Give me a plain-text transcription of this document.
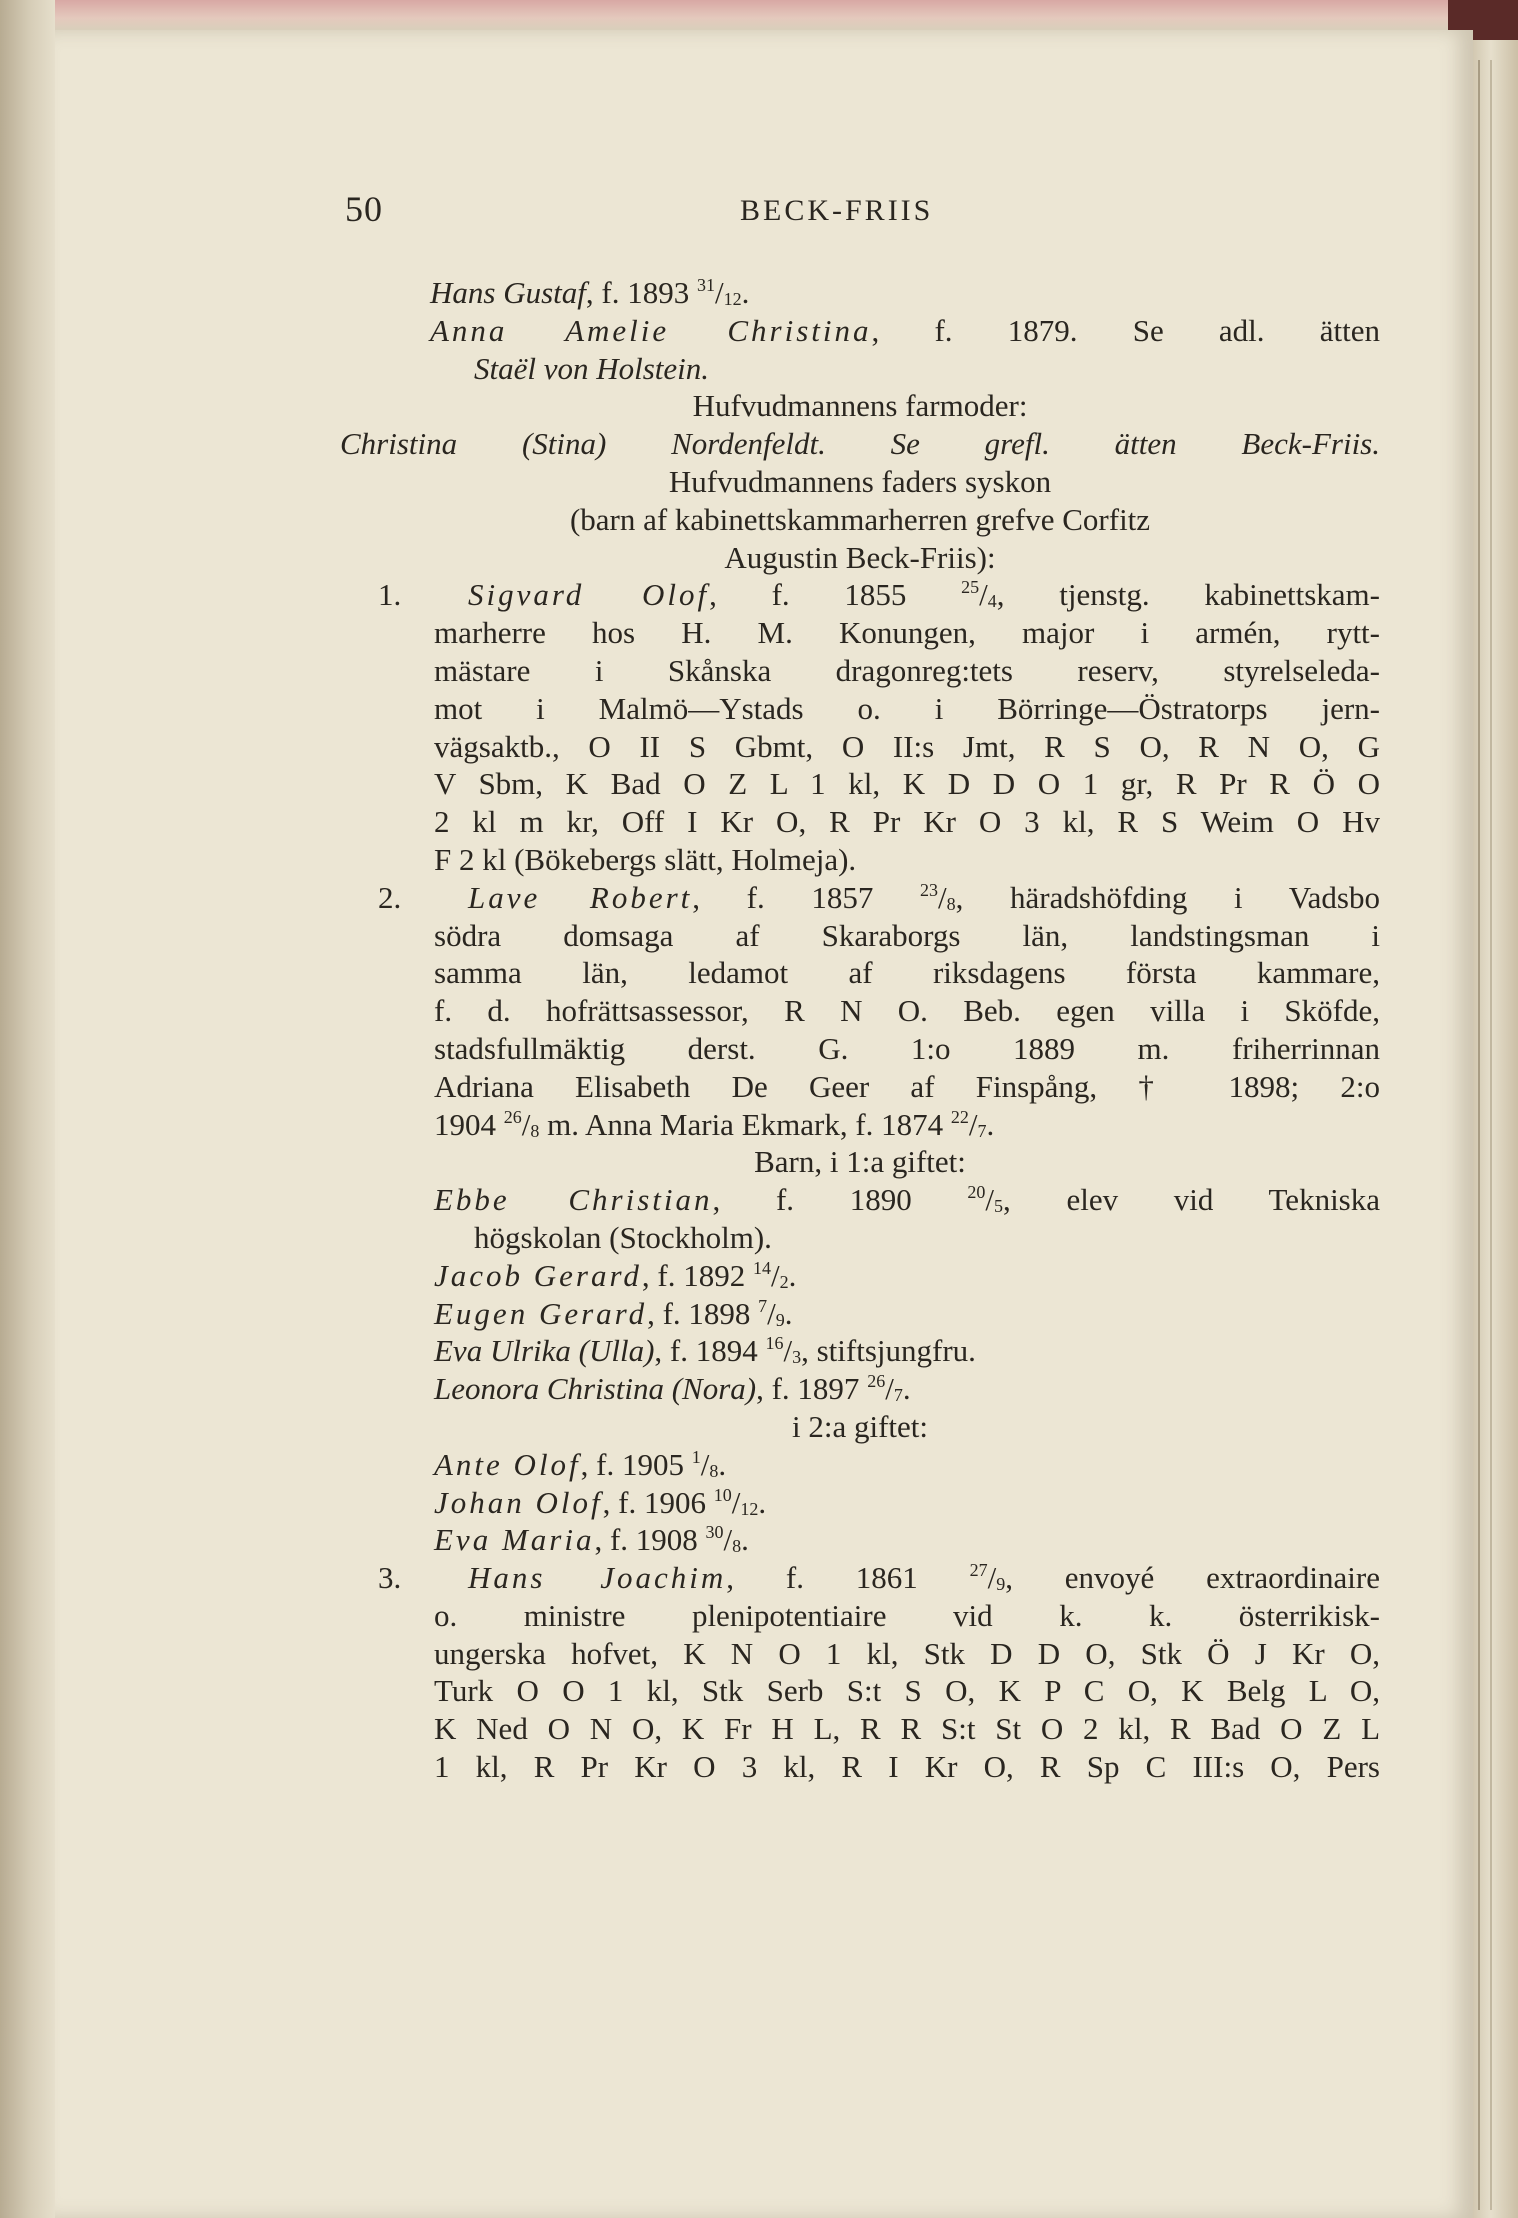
50	BECK-FRIIS
Hans Gustaf, f. 1893 $^{31}/_{12}$.
Anna Amelie Christina, f. 1879. Se adl. ätten
Staël von Holstein.
Hufvudmannens farmoder:
Christina (Stina) Nordenfeldt. Se grefl. ätten Beck-Friis.
Hufvudmannens faders syskon
(barn af kabinettskammarherren grefve Corfitz
Augustin Beck-Friis):
1. Sigvard Olof, f. 1855 $^{25}/_4$, tjenstg. kabinettskam-
marherre hos H. M. Konungen, major i armén, rytt-
mästare i Skånska dragonreg:tets reserv, styrelseleda-
mot i Malmö—Ystads o. i Börringe—Östratorps jern-
vägsaktb., O II S Gbmt, O II:s Jmt, R S O, R N O, G
V Sbm, K Bad O Z L 1 kl, K D D O 1 gr, R Pr R Ö O
2 kl m kr, Off I Kr O, R Pr Kr O 3 kl, R S Weim O Hv
F 2 kl (Bökebergs slätt, Holmeja).
2. Lave Robert, f. 1857 $^{23}/_8$, häradshöfding i Vadsbo
södra domsaga af Skaraborgs län, landstingsman i
samma län, ledamot af riksdagens första kammare,
f. d. hofrättsassessor, R N O. Beb. egen villa i Sköfde,
stadsfullmäktig derst. G. 1:o 1889 m. friherrinnan
Adriana Elisabeth De Geer af Finspång, † 1898; 2:o
1904 $^{26}/_8$ m. Anna Maria Ekmark, f. 1874 $^{22}/_7$.
Barn, i 1:a giftet:
Ebbe Christian, f. 1890 $^{20}/_5$, elev vid Tekniska
högskolan (Stockholm).
Jacob Gerard, f. 1892 $^{14}/_2$.
Eugen Gerard, f. 1898 $^7/_9$.
Eva Ulrika (Ulla), f. 1894 $^{16}/_3$, stiftsjungfru.
Leonora Christina (Nora), f. 1897 $^{26}/_7$.
i 2:a giftet:
Ante Olof, f. 1905 $^1/_8$.
Johan Olof, f. 1906 $^{10}/_{12}$.
Eva Maria, f. 1908 $^{30}/_8$.
3. Hans Joachim, f. 1861 $^{27}/_9$, envoyé extraordinaire
o. ministre plenipotentiaire vid k. k. österrikisk-
ungerska hofvet, K N O 1 kl, Stk D D O, Stk Ö J Kr O,
Turk O O 1 kl, Stk Serb S:t S O, K P C O, K Belg L O,
K Ned O N O, K Fr H L, R R S:t St O 2 kl, R Bad O Z L
1 kl, R Pr Kr O 3 kl, R I Kr O, R Sp C III:s O, Pers
